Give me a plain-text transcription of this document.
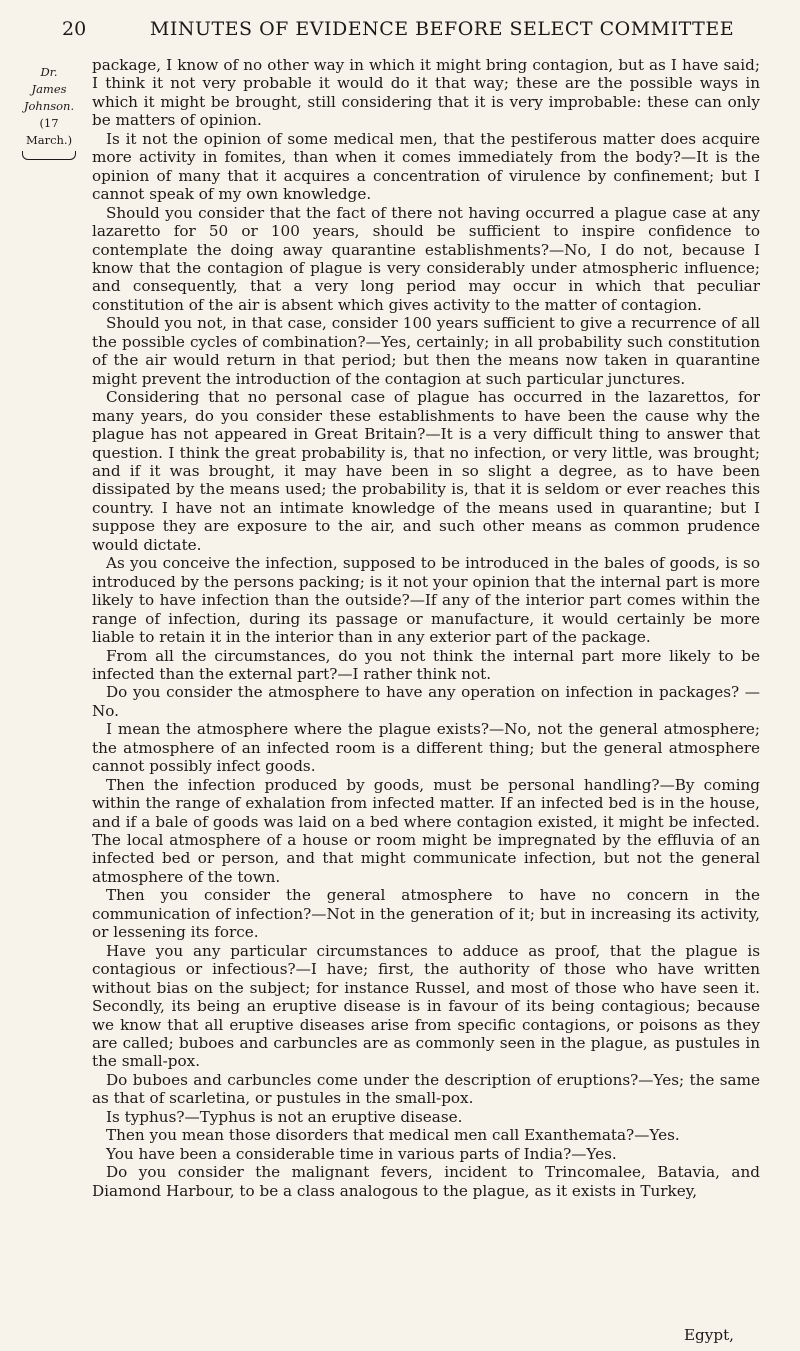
20	MINUTES OF EVIDENCE BEFORE SELECT COMMITTEE
Dr.
James Johnson.
(17 March.)

package, I know of no other way in which it might bring contagion, but as I have said; I think it not very probable it would do it that way; these are the possible ways in which it might be brought, still considering that it is very improbable: these can only be matters of opinion.

Is it not the opinion of some medical men, that the pestiferous matter does acquire more activity in fomites, than when it comes immediately from the body?—It is the opinion of many that it acquires a concentration of virulence by confinement; but I cannot speak of my own knowledge.

Should you consider that the fact of there not having occurred a plague case at any lazaretto for 50 or 100 years, should be sufficient to inspire confidence to contemplate the doing away quarantine establishments?—No, I do not, because I know that the contagion of plague is very considerably under atmospheric influence; and consequently, that a very long period may occur in which that peculiar constitution of the air is absent which gives activity to the matter of contagion.

Should you not, in that case, consider 100 years sufficient to give a recurrence of all the possible cycles of combination?—Yes, certainly; in all probability such constitution of the air would return in that period; but then the means now taken in quarantine might prevent the introduction of the contagion at such particular junctures.

Considering that no personal case of plague has occurred in the lazarettos, for many years, do you consider these establishments to have been the cause why the plague has not appeared in Great Britain?—It is a very difficult thing to answer that question. I think the great probability is, that no infection, or very little, was brought; and if it was brought, it may have been in so slight a degree, as to have been dissipated by the means used; the probability is, that it is seldom or ever reaches this country. I have not an intimate knowledge of the means used in quarantine; but I suppose they are exposure to the air, and such other means as common prudence would dictate.

As you conceive the infection, supposed to be introduced in the bales of goods, is so introduced by the persons packing; is it not your opinion that the internal part is more likely to have infection than the outside?—If any of the interior part comes within the range of infection, during its passage or manufacture, it would certainly be more liable to retain it in the interior than in any exterior part of the package.

From all the circumstances, do you not think the internal part more likely to be infected than the external part?—I rather think not.

Do you consider the atmosphere to have any operation on infection in packages? —No.

I mean the atmosphere where the plague exists?—No, not the general atmosphere; the atmosphere of an infected room is a different thing; but the general atmosphere cannot possibly infect goods.

Then the infection produced by goods, must be personal handling?—By coming within the range of exhalation from infected matter. If an infected bed is in the house, and if a bale of goods was laid on a bed where contagion existed, it might be infected. The local atmosphere of a house or room might be impregnated by the effluvia of an infected bed or person, and that might communicate infection, but not the general atmosphere of the town.

Then you consider the general atmosphere to have no concern in the communication of infection?—Not in the generation of it; but in increasing its activity, or lessening its force.

Have you any particular circumstances to adduce as proof, that the plague is contagious or infectious?—I have; first, the authority of those who have written without bias on the subject; for instance Russel, and most of those who have seen it. Secondly, its being an eruptive disease is in favour of its being contagious; because we know that all eruptive diseases arise from specific contagions, or poisons as they are called; buboes and carbuncles are as commonly seen in the plague, as pustules in the small-pox.

Do buboes and carbuncles come under the description of eruptions?—Yes; the same as that of scarletina, or pustules in the small-pox.

Is typhus?—Typhus is not an eruptive disease.

Then you mean those disorders that medical men call Exanthemata?—Yes.

You have been a considerable time in various parts of India?—Yes.

Do you consider the malignant fevers, incident to Trincomalee, Batavia, and Diamond Harbour, to be a class analogous to the plague, as it exists in Turkey,

Egypt,
